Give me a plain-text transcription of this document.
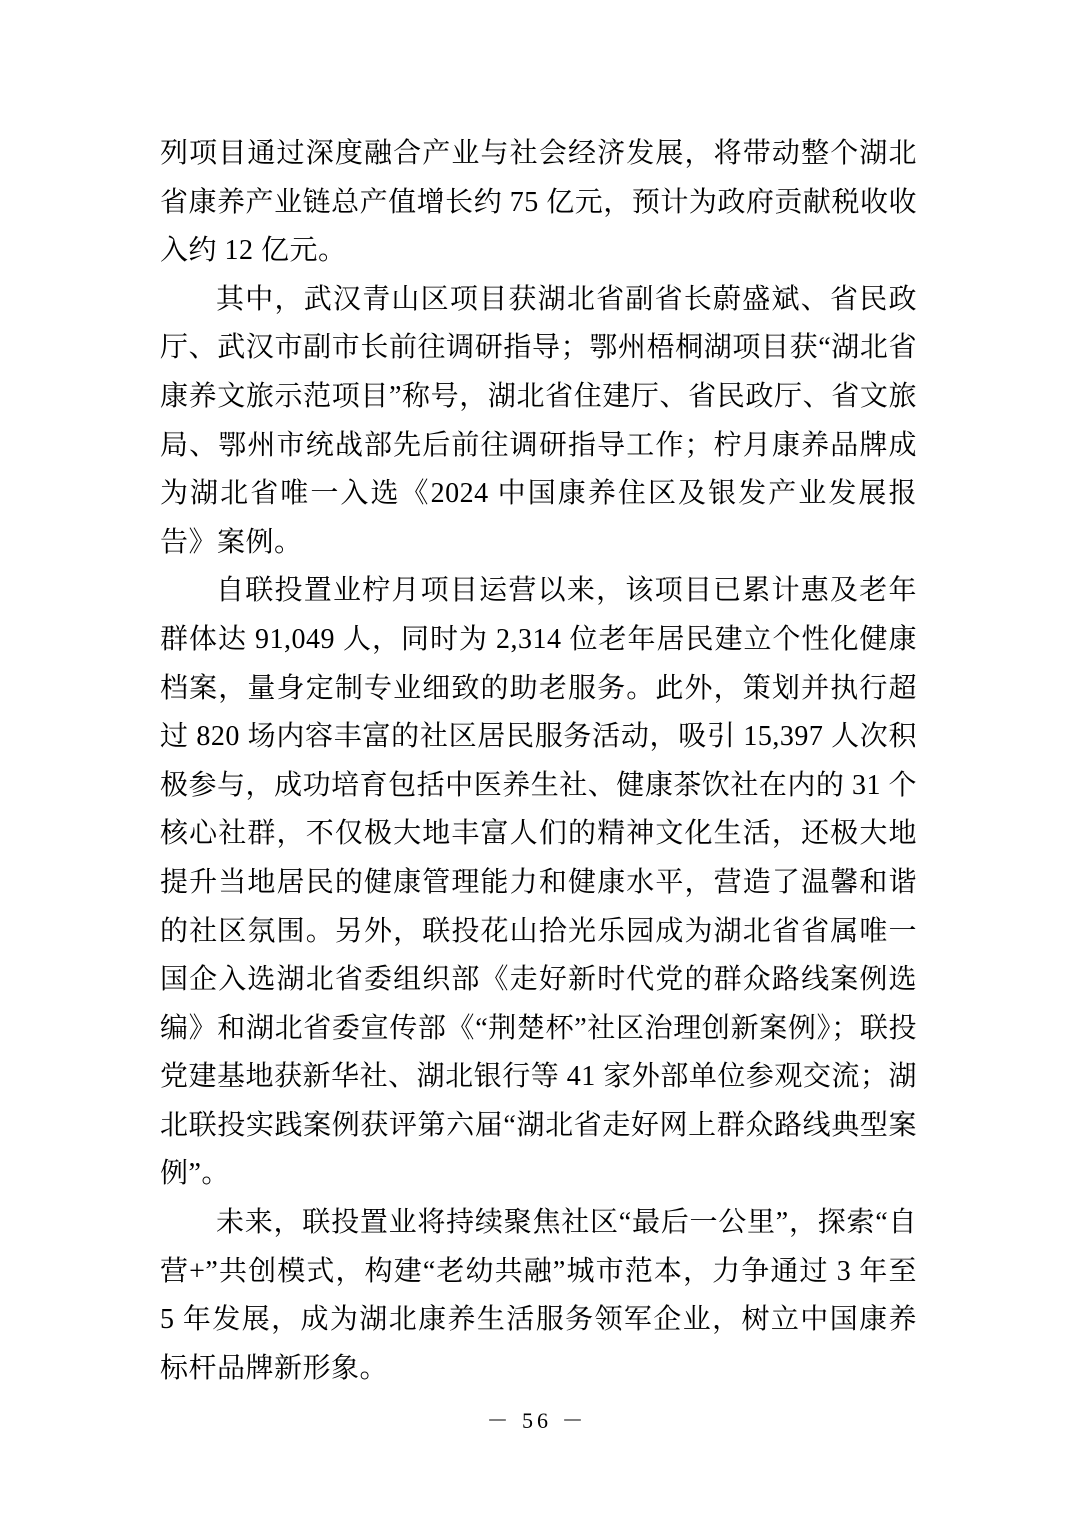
列项目通过深度融合产业与社会经济发展，将带动整个湖北省康养产业链总产值增长约 75 亿元，预计为政府贡献税收收入约 12 亿元。

其中，武汉青山区项目获湖北省副省长蔚盛斌、省民政厅、武汉市副市长前往调研指导；鄂州梧桐湖项目获“湖北省康养文旅示范项目”称号，湖北省住建厅、省民政厅、省文旅局、鄂州市统战部先后前往调研指导工作；柠月康养品牌成为湖北省唯一入选《2024 中国康养住区及银发产业发展报告》案例。

自联投置业柠月项目运营以来，该项目已累计惠及老年群体达 91,049 人，同时为 2,314 位老年居民建立个性化健康档案，量身定制专业细致的助老服务。此外，策划并执行超过 820 场内容丰富的社区居民服务活动，吸引 15,397 人次积极参与，成功培育包括中医养生社、健康茶饮社在内的 31 个核心社群，不仅极大地丰富人们的精神文化生活，还极大地提升当地居民的健康管理能力和健康水平，营造了温馨和谐的社区氛围。另外，联投花山拾光乐园成为湖北省省属唯一国企入选湖北省委组织部《走好新时代党的群众路线案例选编》和湖北省委宣传部《“荆楚杯”社区治理创新案例》；联投党建基地获新华社、湖北银行等 41 家外部单位参观交流；湖北联投实践案例获评第六届“湖北省走好网上群众路线典型案例”。

未来，联投置业将持续聚焦社区“最后一公里”，探索“自营+”共创模式，构建“老幼共融”城市范本，力争通过 3 年至 5 年发展，成为湖北康养生活服务领军企业，树立中国康养标杆品牌新形象。

－ 56 －
